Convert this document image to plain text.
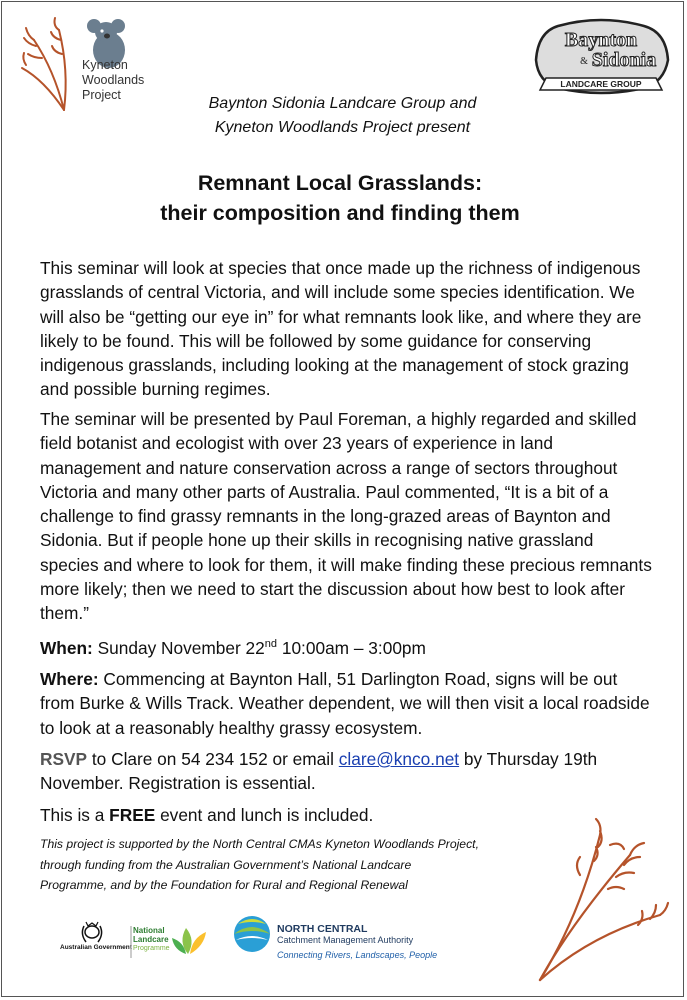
Kyneton
Woodlands
Project
Baynton
& Sidonia
LANDCARE GROUP
Baynton Sidonia Landcare Group and
Kyneton Woodlands Project present
Remnant Local Grasslands:
their composition and finding them
This seminar will look at species that once made up the richness of indigenous grasslands of central Victoria, and will include some species identification. We will also be “getting our eye in” for what remnants look like, and where they are likely to be found. This will be followed by some guidance for conserving indigenous grasslands, including looking at the management of stock grazing and possible burning regimes.
The seminar will be presented by Paul Foreman, a highly regarded and skilled field botanist and ecologist with over 23 years of experience in land management and nature conservation across a range of sectors throughout Victoria and many other parts of Australia. Paul commented, “It is a bit of a challenge to find grassy remnants in the long-grazed areas of Baynton and Sidonia. But if people hone up their skills in recognising native grassland species and where to look for them, it will make finding these precious remnants more likely; then we need to start the discussion about how best to look after them.”
When: Sunday November 22nd 10:00am – 3:00pm
Where: Commencing at Baynton Hall, 51 Darlington Road, signs will be out from Burke & Wills Track. Weather dependent, we will then visit a local roadside to look at a reasonably healthy grassy ecosystem.
RSVP to Clare on 54 234 152 or email clare@knco.net by Thursday 19th November. Registration is essential.
This is a FREE event and lunch is included.
This project is supported by the North Central CMAs Kyneton Woodlands Project,
through funding from the Australian Government’s National Landcare
Programme, and by the Foundation for Rural and Regional Renewal
Australian Government
National
Landcare
Programme
NORTH CENTRAL
Catchment Management Authority
Connecting Rivers, Landscapes, People
